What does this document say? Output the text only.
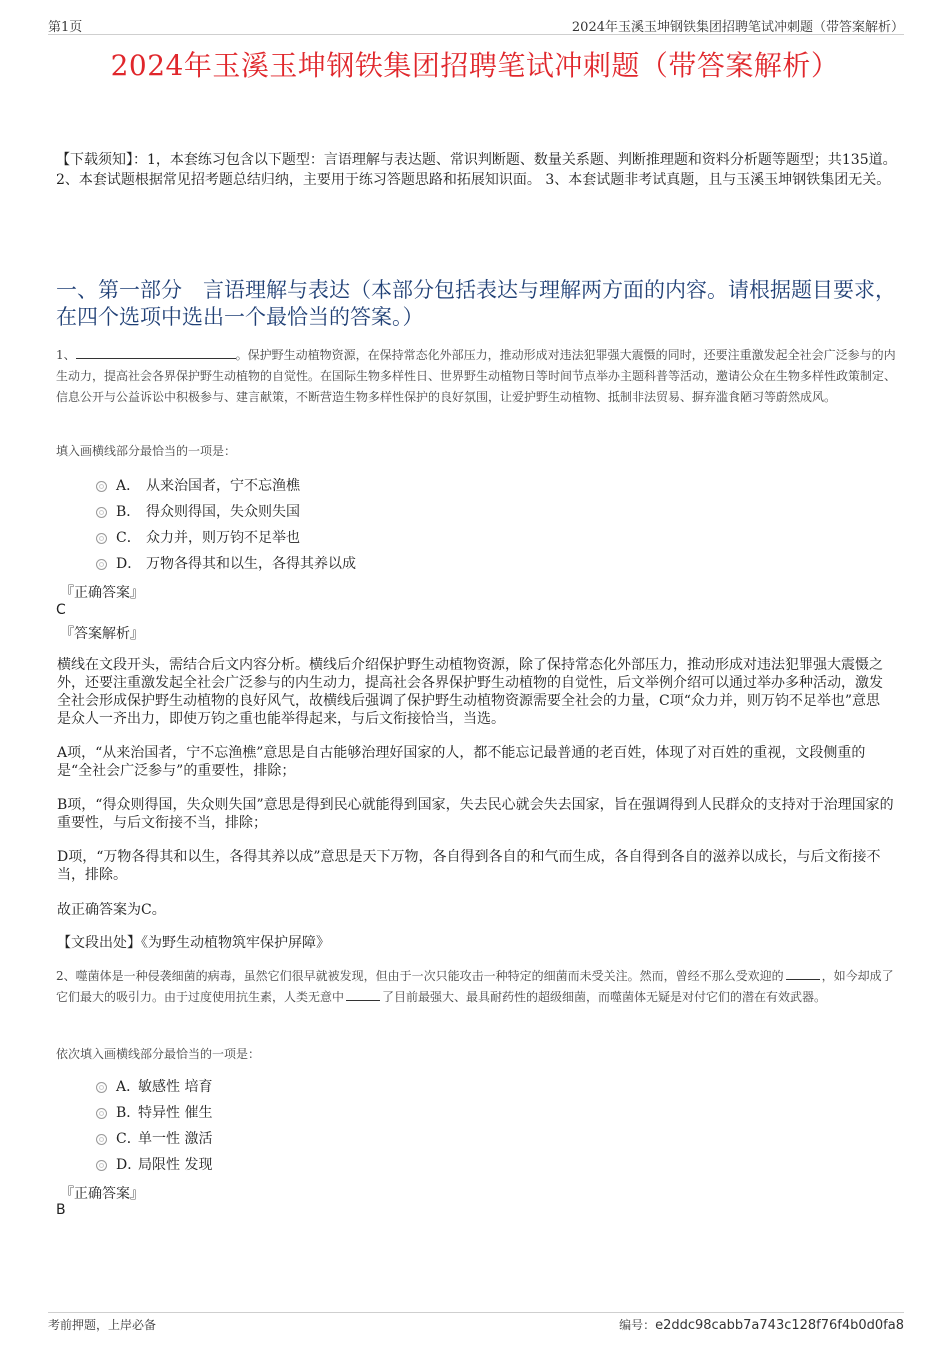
第1页	2024年玉溪玉坤钢铁集团招聘笔试冲刺题（带答案解析）
2024年玉溪玉坤钢铁集团招聘笔试冲刺题（带答案解析）
【下载须知】：1，本套练习包含以下题型：言语理解与表达题、常识判断题、数量关系题、判断推理题和资料分析题等题型；共135道。 2、本套试题根据常见招考题总结归纳，主要用于练习答题思路和拓展知识面。 3、本套试题非考试真题，且与玉溪玉坤钢铁集团无关。
一、第一部分　言语理解与表达（本部分包括表达与理解两方面的内容。请根据题目要求，在四个选项中选出一个最恰当的答案。）
1、	。保护野生动植物资源，在保持常态化外部压力，推动形成对违法犯罪强大震慑的同时，还要注重激发起全社会广泛参与的内生动力，提高社会各界保护野生动植物的自觉性。在国际生物多样性日、世界野生动植物日等时间节点举办主题科普等活动，邀请公众在生物多样性政策制定、信息公开与公益诉讼中积极参与、建言献策，不断营造生物多样性保护的良好氛围，让爱护野生动植物、抵制非法贸易、摒弃滥食陋习等蔚然成风。
填入画横线部分最恰当的一项是：
A． 从来治国者，宁不忘渔樵
B． 得众则得国，失众则失国
C． 众力并，则万钧不足举也
D． 万物各得其和以生，各得其养以成
『正确答案』
C
『答案解析』
横线在文段开头，需结合后文内容分析。横线后介绍保护野生动植物资源，除了保持常态化外部压力，推动形成对违法犯罪强大震慑之外，还要注重激发起全社会广泛参与的内生动力，提高社会各界保护野生动植物的自觉性，后文举例介绍可以通过举办多种活动，激发全社会形成保护野生动植物的良好风气，故横线后强调了保护野生动植物资源需要全社会的力量，C项“众力并，则万钧不足举也”意思是众人一齐出力，即使万钧之重也能举得起来，与后文衔接恰当，当选。
A项，“从来治国者，宁不忘渔樵”意思是自古能够治理好国家的人，都不能忘记最普通的老百姓，体现了对百姓的重视，文段侧重的是“全社会广泛参与”的重要性，排除；
B项，“得众则得国，失众则失国”意思是得到民心就能得到国家，失去民心就会失去国家，旨在强调得到人民群众的支持对于治理国家的重要性，与后文衔接不当，排除；
D项，“万物各得其和以生，各得其养以成”意思是天下万物，各自得到各自的和气而生成，各自得到各自的滋养以成长，与后文衔接不当，排除。
故正确答案为C。
【文段出处】《为野生动植物筑牢保护屏障》
2、噬菌体是一种侵袭细菌的病毒，虽然它们很早就被发现，但由于一次只能攻击一种特定的细菌而未受关注。然而，曾经不那么受欢迎的	，如今却成了它们最大的吸引力。由于过度使用抗生素，人类无意中	了目前最强大、最具耐药性的超级细菌，而噬菌体无疑是对付它们的潜在有效武器。
依次填入画横线部分最恰当的一项是：
A．
敏感性 培育
B．
特异性 催生
C．
单一性 激活
D．
局限性 发现
『正确答案』
B
考前押题，上岸必备	编号：e2ddc98cabb7a743c128f76f4b0d0fa8
